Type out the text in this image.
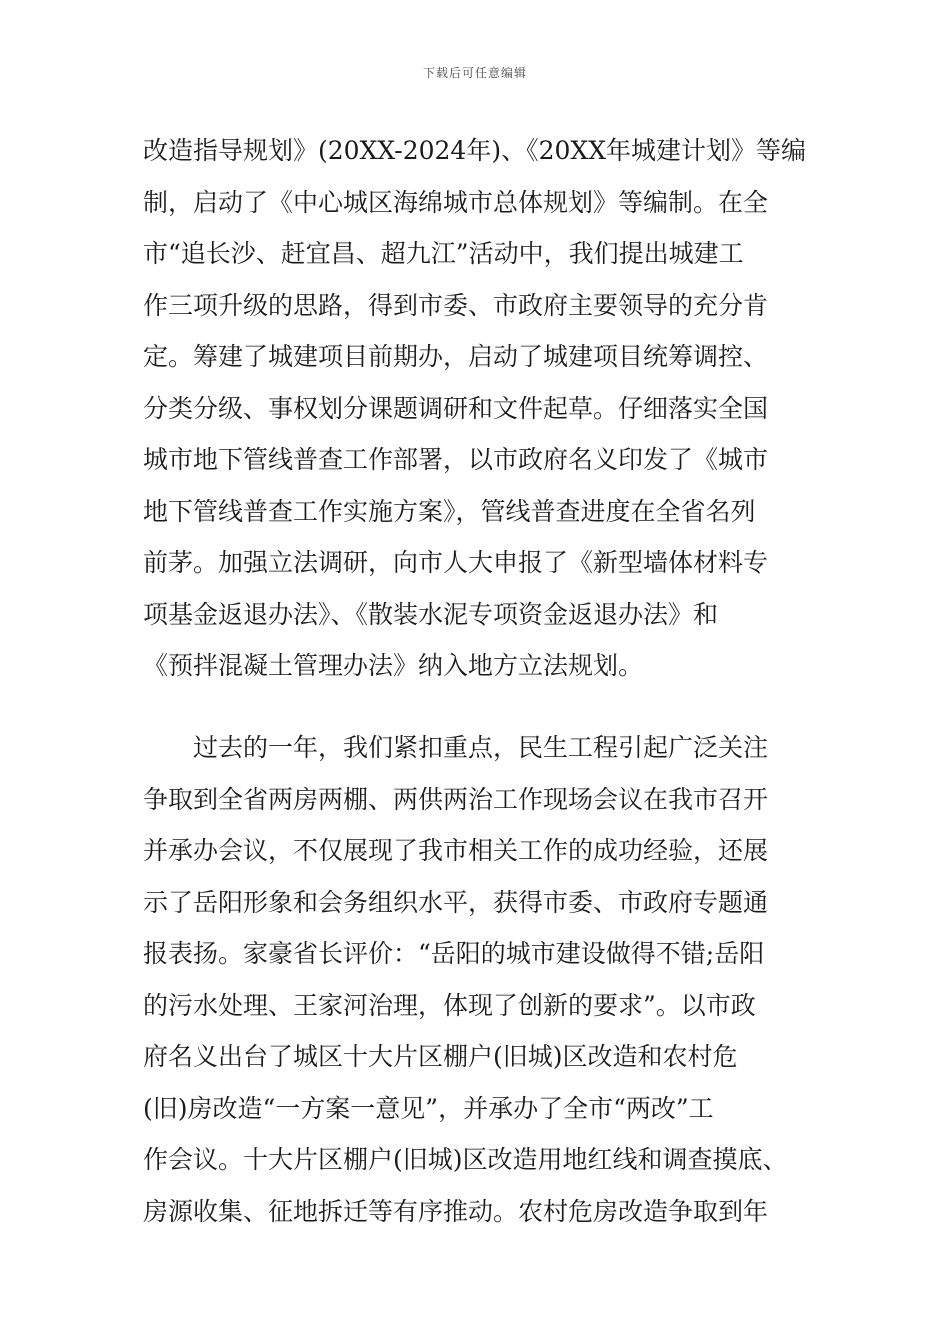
下载后可任意编辑
改造指导规划》(20XX-2024年)、《20XX年城建计划》等编
制，启动了《中心城区海绵城市总体规划》等编制。在全
市“追长沙、赶宜昌、超九江”活动中，我们提出城建工
作三项升级的思路，得到市委、市政府主要领导的充分肯
定。筹建了城建项目前期办，启动了城建项目统筹调控、
分类分级、事权划分课题调研和文件起草。仔细落实全国
城市地下管线普查工作部署，以市政府名义印发了《城市
地下管线普查工作实施方案》，管线普查进度在全省名列
前茅。加强立法调研，向市人大申报了《新型墙体材料专
项基金返退办法》、《散装水泥专项资金返退办法》和
《预拌混凝土管理办法》纳入地方立法规划。
　　过去的一年，我们紧扣重点，民生工程引起广泛关注
争取到全省两房两棚、两供两治工作现场会议在我市召开
并承办会议，不仅展现了我市相关工作的成功经验，还展
示了岳阳形象和会务组织水平，获得市委、市政府专题通
报表扬。家豪省长评价：“岳阳的城市建设做得不错;岳阳
的污水处理、王家河治理，体现了创新的要求”。以市政
府名义出台了城区十大片区棚户(旧城)区改造和农村危
(旧)房改造“一方案一意见”，并承办了全市“两改”工
作会议。十大片区棚户(旧城)区改造用地红线和调查摸底、
房源收集、征地拆迁等有序推动。农村危房改造争取到年
